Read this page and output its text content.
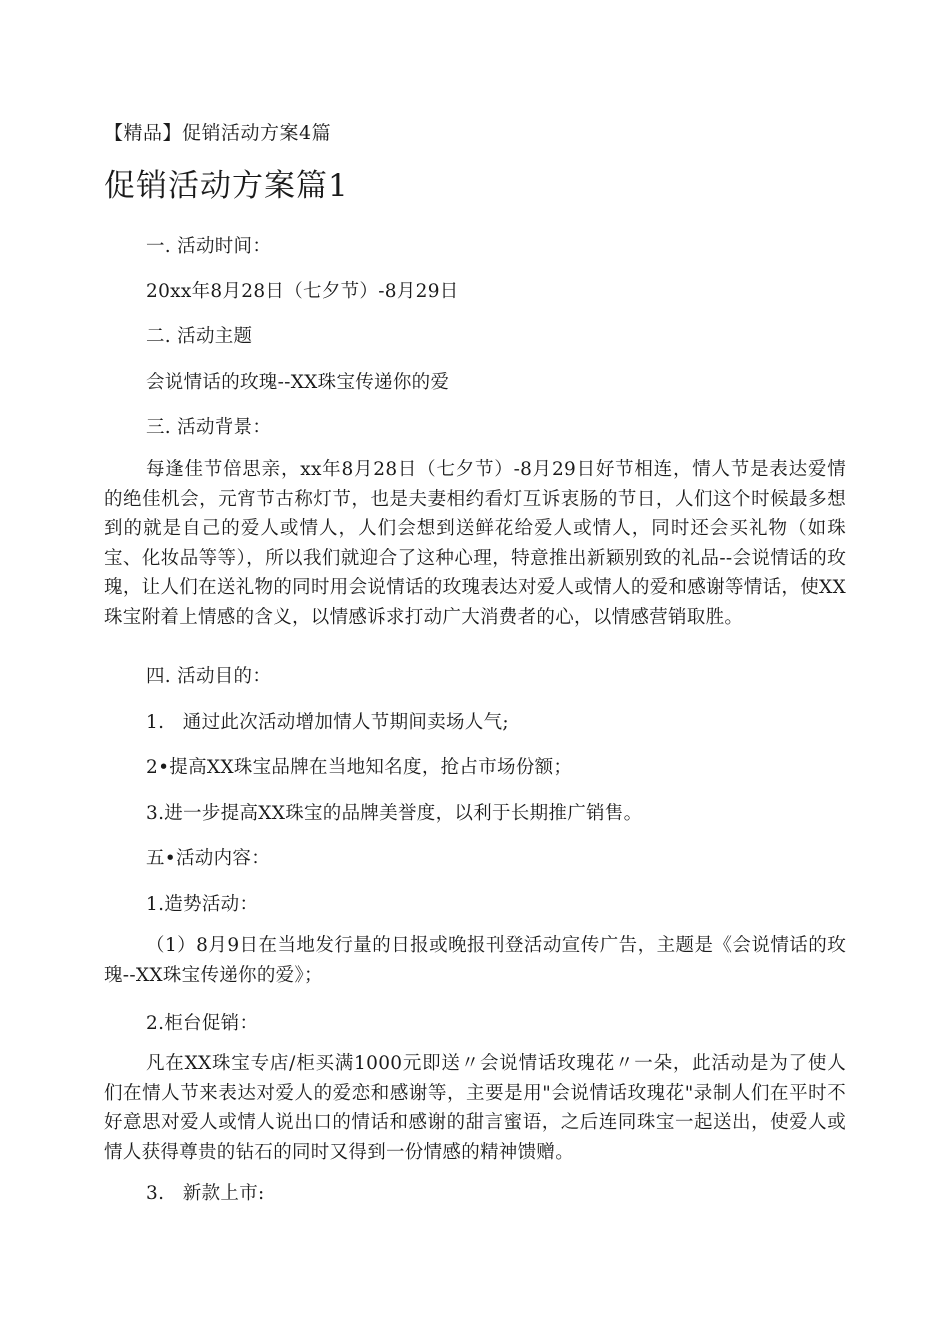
【精品】促销活动方案4篇
促销活动方案篇1
一. 活动时间：
20xx年8月28日（七夕节）-8月29日
二. 活动主题
会说情话的玫瑰--XX珠宝传递你的爱
三. 活动背景：

每逢佳节倍思亲，xx年8月28日（七夕节）-8月29日好节相连，情人节是表达爱情的绝佳机会，元宵节古称灯节，也是夫妻相约看灯互诉衷肠的节日，人们这个时候最多想到的就是自己的爱人或情人，人们会想到送鲜花给爱人或情人，同时还会买礼物（如珠宝、化妆品等等），所以我们就迎合了这种心理，特意推出新颖别致的礼品--会说情话的玫瑰，让人们在送礼物的同时用会说情话的玫瑰表达对爱人或情人的爱和感谢等情话，使XX珠宝附着上情感的含义，以情感诉求打动广大消费者的心，以情感营销取胜。

四. 活动目的：
1.   通过此次活动增加情人节期间卖场人气;
2•提高XX珠宝品牌在当地知名度，抢占市场份额；
3.进一步提高XX珠宝的品牌美誉度，以利于长期推广销售。
五•活动内容：
1.造势活动：

（1）8月9日在当地发行量的日报或晚报刊登活动宣传广告，主题是《会说情话的玫瑰--XX珠宝传递你的爱》；

2.柜台促销：

凡在XX珠宝专店/柜买满1000元即送〃会说情话玫瑰花〃一朵，此活动是为了使人们在情人节来表达对爱人的爱恋和感谢等，主要是用"会说情话玫瑰花"录制人们在平时不好意思对爱人或情人说出口的情话和感谢的甜言蜜语，之后连同珠宝一起送出，使爱人或情人获得尊贵的钻石的同时又得到一份情感的精神馈赠。

3.   新款上市:
